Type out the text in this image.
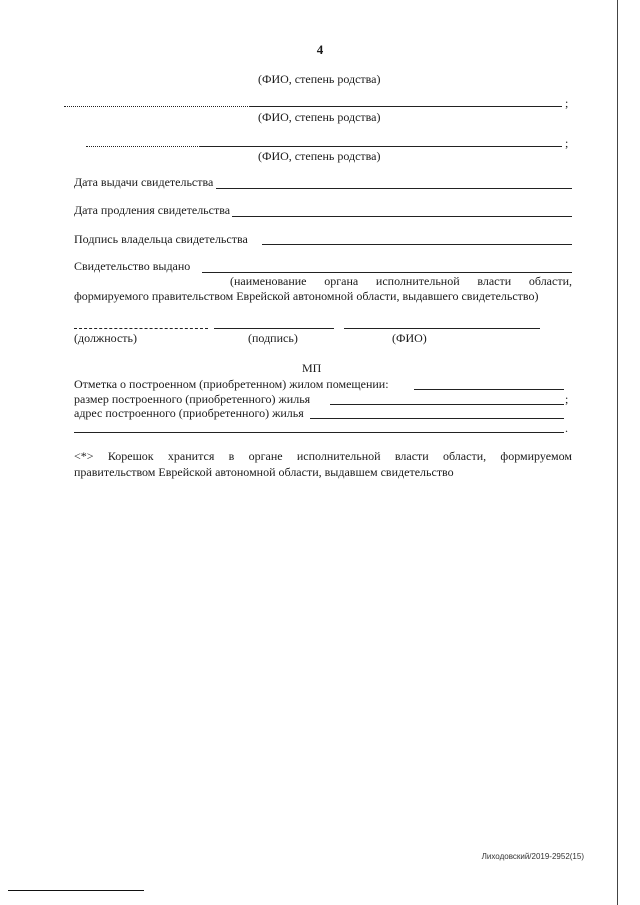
4
(ФИО, степень родства)
;
(ФИО, степень родства)
;
(ФИО, степень родства)
Дата выдачи свидетельства
Дата продления свидетельства
Подпись владельца свидетельства
Свидетельство выдано
(наименование органа исполнительной власти области,
формируемого правительством Еврейской автономной области, выдавшего свидетельство)
(должность)	(подпись)	(ФИО)
МП
Отметка о построенном (приобретенном) жилом помещении:
размер построенного (приобретенного) жилья	;
адрес построенного (приобретенного) жилья
.
<*> Корешок хранится в органе исполнительной власти области, формируемом
правительством Еврейской автономной области, выдавшем свидетельство
Лиходовский/2019-2952(15)
